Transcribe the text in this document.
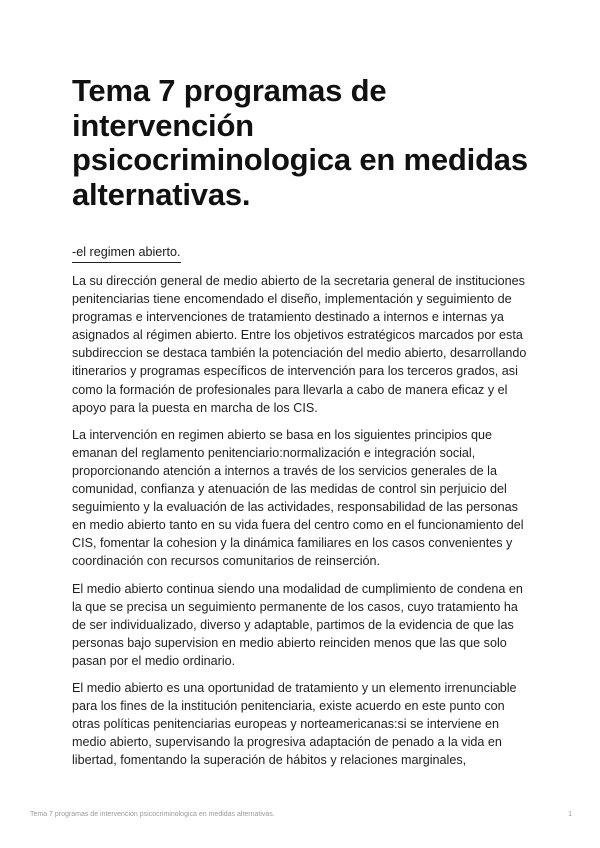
Tema 7 programas de intervención psicocriminologica en medidas alternativas.
-el regimen abierto.

La su dirección general de medio abierto de la secretaria general de instituciones penitenciarias tiene encomendado el diseño, implementación y seguimiento de programas e intervenciones de tratamiento destinado a internos e internas ya asignados al régimen abierto. Entre los objetivos estratégicos marcados por esta subdireccion se destaca también la potenciación del medio abierto, desarrollando itinerarios y programas específicos de intervención para los terceros grados, asi como la formación de profesionales para llevarla a cabo de manera eficaz y el apoyo para la puesta en marcha de los CIS.

La intervención en regimen abierto se basa en los siguientes principios que emanan del reglamento penitenciario:normalización e integración social, proporcionando atención a internos a través de los servicios generales de la comunidad, confianza y atenuación de las medidas de control sin perjuicio del seguimiento y la evaluación de las actividades, responsabilidad de las personas en medio abierto tanto en su vida fuera del centro como en el funcionamiento del CIS, fomentar la cohesion y la dinámica familiares en los casos convenientes y coordinación con recursos comunitarios de reinserción.

El medio abierto continua siendo una modalidad de cumplimiento de condena en la que se precisa un seguimiento permanente de los casos, cuyo tratamiento ha de ser individualizado, diverso y adaptable, partimos de la evidencia de que las personas bajo supervision en medio abierto reinciden menos que las que solo pasan por el medio ordinario.

El medio abierto es una oportunidad de tratamiento y un elemento irrenunciable para los fines de la institución penitenciaria, existe acuerdo en este punto con otras políticas penitenciarias europeas y norteamericanas:si se interviene en medio abierto, supervisando la progresiva adaptación de penado a la vida en libertad, fomentando la superación de hábitos y relaciones marginales,

Tema 7 programas de intervención psicocriminologica en medidas alternativas.	1
